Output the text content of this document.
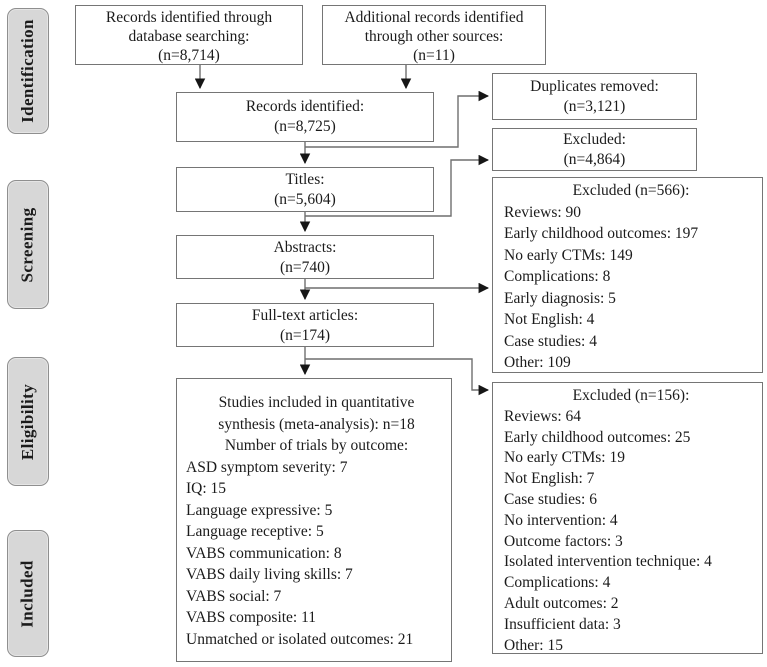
Identification
Screening
Eligibility
Included
Records identified through
database searching:
(n=8,714)
Additional records identified
through other sources:
(n=11)
Records identified:
(n=8,725)
Duplicates removed:
(n=3,121)
Titles:
(n=5,604)
Excluded:
(n=4,864)
Abstracts:
(n=740)
Excluded (n=566):
Reviews: 90
Early childhood outcomes: 197
No early CTMs: 149
Complications: 8
Early diagnosis: 5
Not English: 4
Case studies: 4
Other: 109
Full-text articles:
(n=174)
Excluded (n=156):
Reviews: 64
Early childhood outcomes: 25
No early CTMs: 19
Not English: 7
Case studies: 6
No intervention: 4
Outcome factors: 3
Isolated intervention technique: 4
Complications: 4
Adult outcomes: 2
Insufficient data: 3
Other: 15
Studies included in quantitative
synthesis (meta-analysis): n=18
Number of trials by outcome:
ASD symptom severity: 7
IQ: 15
Language expressive: 5
Language receptive: 5
VABS communication: 8
VABS daily living skills: 7
VABS social: 7
VABS composite: 11
Unmatched or isolated outcomes: 21
